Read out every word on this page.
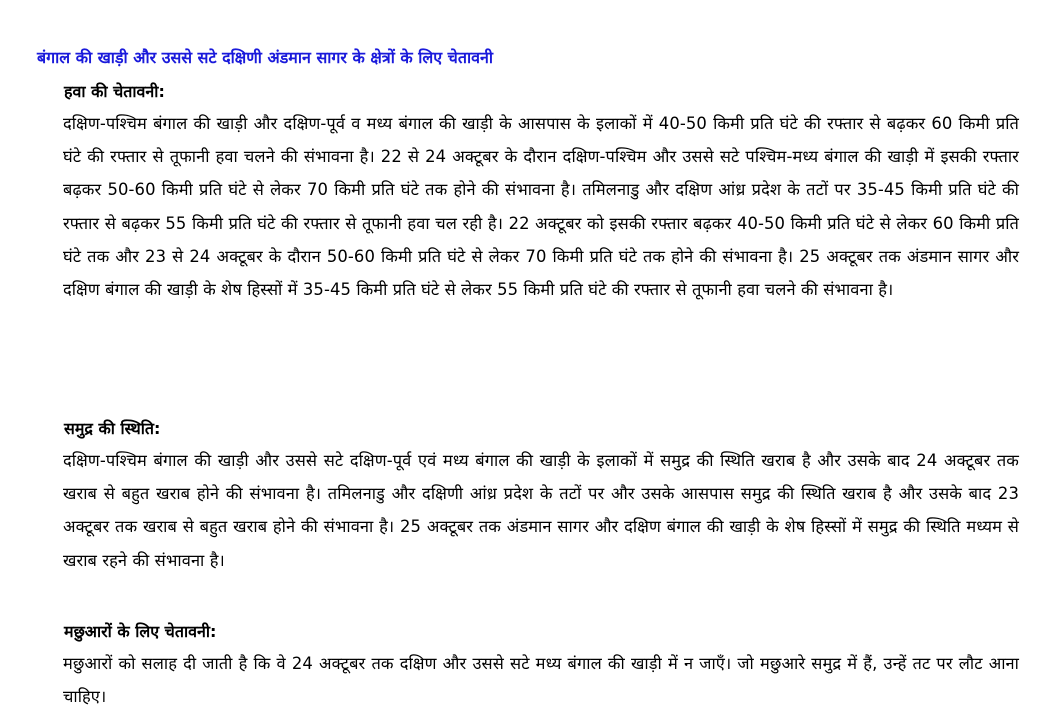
बंगाल की खाड़ी और उससे सटे दक्षिणी अंडमान सागर के क्षेत्रों के लिए चेतावनी
हवा की चेतावनी:
दक्षिण-पश्चिम बंगाल की खाड़ी और दक्षिण-पूर्व व मध्य बंगाल की खाड़ी के आसपास के इलाकों में 40-50 किमी प्रति घंटे की रफ्तार से बढ़कर 60 किमी प्रति घंटे की रफ्तार से तूफानी हवा चलने की संभावना है। 22 से 24 अक्टूबर के दौरान दक्षिण-पश्चिम और उससे सटे पश्चिम-मध्य बंगाल की खाड़ी में इसकी रफ्तार बढ़कर 50-60 किमी प्रति घंटे से लेकर 70 किमी प्रति घंटे तक होने की संभावना है। तमिलनाडु और दक्षिण आंध्र प्रदेश के तटों पर 35-45 किमी प्रति घंटे की रफ्तार से बढ़कर 55 किमी प्रति घंटे की रफ्तार से तूफानी हवा चल रही है। 22 अक्टूबर को इसकी रफ्तार बढ़कर 40-50 किमी प्रति घंटे से लेकर 60 किमी प्रति घंटे तक और 23 से 24 अक्टूबर के दौरान 50-60 किमी प्रति घंटे से लेकर 70 किमी प्रति घंटे तक होने की संभावना है। 25 अक्टूबर तक अंडमान सागर और दक्षिण बंगाल की खाड़ी के शेष हिस्सों में 35-45 किमी प्रति घंटे से लेकर 55 किमी प्रति घंटे की रफ्तार से तूफानी हवा चलने की संभावना है।
समुद्र की स्थिति:
दक्षिण-पश्चिम बंगाल की खाड़ी और उससे सटे दक्षिण-पूर्व एवं मध्य बंगाल की खाड़ी के इलाकों में समुद्र की स्थिति खराब है और उसके बाद 24 अक्टूबर तक खराब से बहुत खराब होने की संभावना है। तमिलनाडु और दक्षिणी आंध्र प्रदेश के तटों पर और उसके आसपास समुद्र की स्थिति खराब है और उसके बाद 23 अक्टूबर तक खराब से बहुत खराब होने की संभावना है। 25 अक्टूबर तक अंडमान सागर और दक्षिण बंगाल की खाड़ी के शेष हिस्सों में समुद्र की स्थिति मध्यम से खराब रहने की संभावना है।
मछुआरों के लिए चेतावनी:
मछुआरों को सलाह दी जाती है कि वे 24 अक्टूबर तक दक्षिण और उससे सटे मध्य बंगाल की खाड़ी में न जाएँ। जो मछुआरे समुद्र में हैं, उन्हें तट पर लौट आना चाहिए।
